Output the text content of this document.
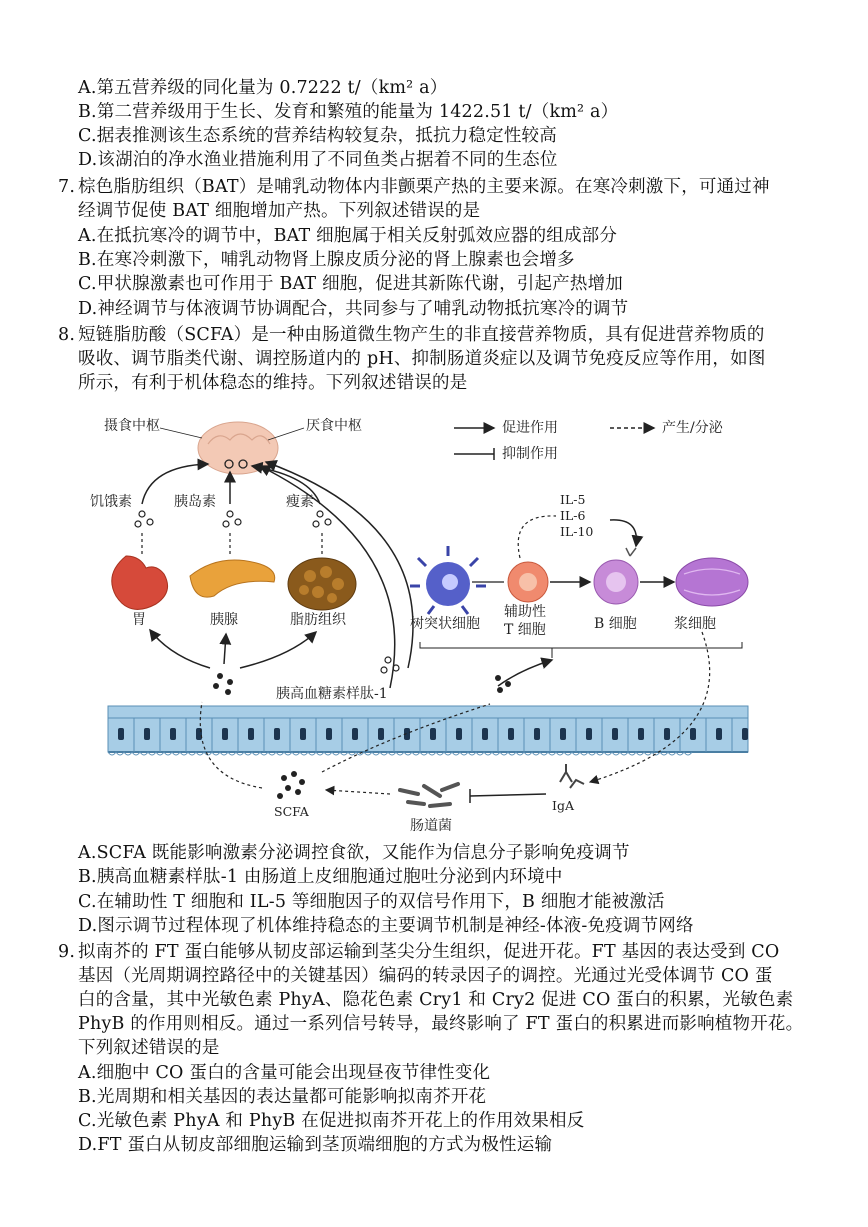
A.第五营养级的同化量为 0.7222 t/（km² a）
B.第二营养级用于生长、发育和繁殖的能量为 1422.51 t/（km² a）
C.据表推测该生态系统的营养结构较复杂，抵抗力稳定性较高
D.该湖泊的净水渔业措施利用了不同鱼类占据着不同的生态位
7. 棕色脂肪组织（BAT）是哺乳动物体内非颤栗产热的主要来源。在寒冷刺激下，可通过神
经调节促使 BAT 细胞增加产热。下列叙述错误的是
A.在抵抗寒冷的调节中，BAT 细胞属于相关反射弧效应器的组成部分
B.在寒冷刺激下，哺乳动物肾上腺皮质分泌的肾上腺素也会增多
C.甲状腺激素也可作用于 BAT 细胞，促进其新陈代谢，引起产热增加
D.神经调节与体液调节协调配合，共同参与了哺乳动物抵抗寒冷的调节
8. 短链脂肪酸（SCFA）是一种由肠道微生物产生的非直接营养物质，具有促进营养物质的
吸收、调节脂类代谢、调控肠道内的 pH、抑制肠道炎症以及调节免疫反应等作用，如图
所示，有利于机体稳态的维持。下列叙述错误的是
摄食中枢	厌食中枢	促进作用
抑制作用
产生/分泌
饥饿素	胰岛素	瘦素
胃	胰腺	脂肪组织
胰高血糖素样肽-1
IL-5
IL-6
IL-10
树突状细胞
辅助性
T 细胞	B 细胞	浆细胞
SCFA
肠道菌
IgA
A.SCFA 既能影响激素分泌调控食欲，又能作为信息分子影响免疫调节
B.胰高血糖素样肽-1 由肠道上皮细胞通过胞吐分泌到内环境中
C.在辅助性 T 细胞和 IL-5 等细胞因子的双信号作用下，B 细胞才能被激活
D.图示调节过程体现了机体维持稳态的主要调节机制是神经-体液-免疫调节网络
9. 拟南芥的 FT 蛋白能够从韧皮部运输到茎尖分生组织，促进开花。FT 基因的表达受到 CO
基因（光周期调控路径中的关键基因）编码的转录因子的调控。光通过光受体调节 CO 蛋
白的含量，其中光敏色素 PhyA、隐花色素 Cry1 和 Cry2 促进 CO 蛋白的积累，光敏色素
PhyB 的作用则相反。通过一系列信号转导，最终影响了 FT 蛋白的积累进而影响植物开花。
下列叙述错误的是
A.细胞中 CO 蛋白的含量可能会出现昼夜节律性变化
B.光周期和相关基因的表达量都可能影响拟南芥开花
C.光敏色素 PhyA 和 PhyB 在促进拟南芥开花上的作用效果相反
D.FT 蛋白从韧皮部细胞运输到茎顶端细胞的方式为极性运输
